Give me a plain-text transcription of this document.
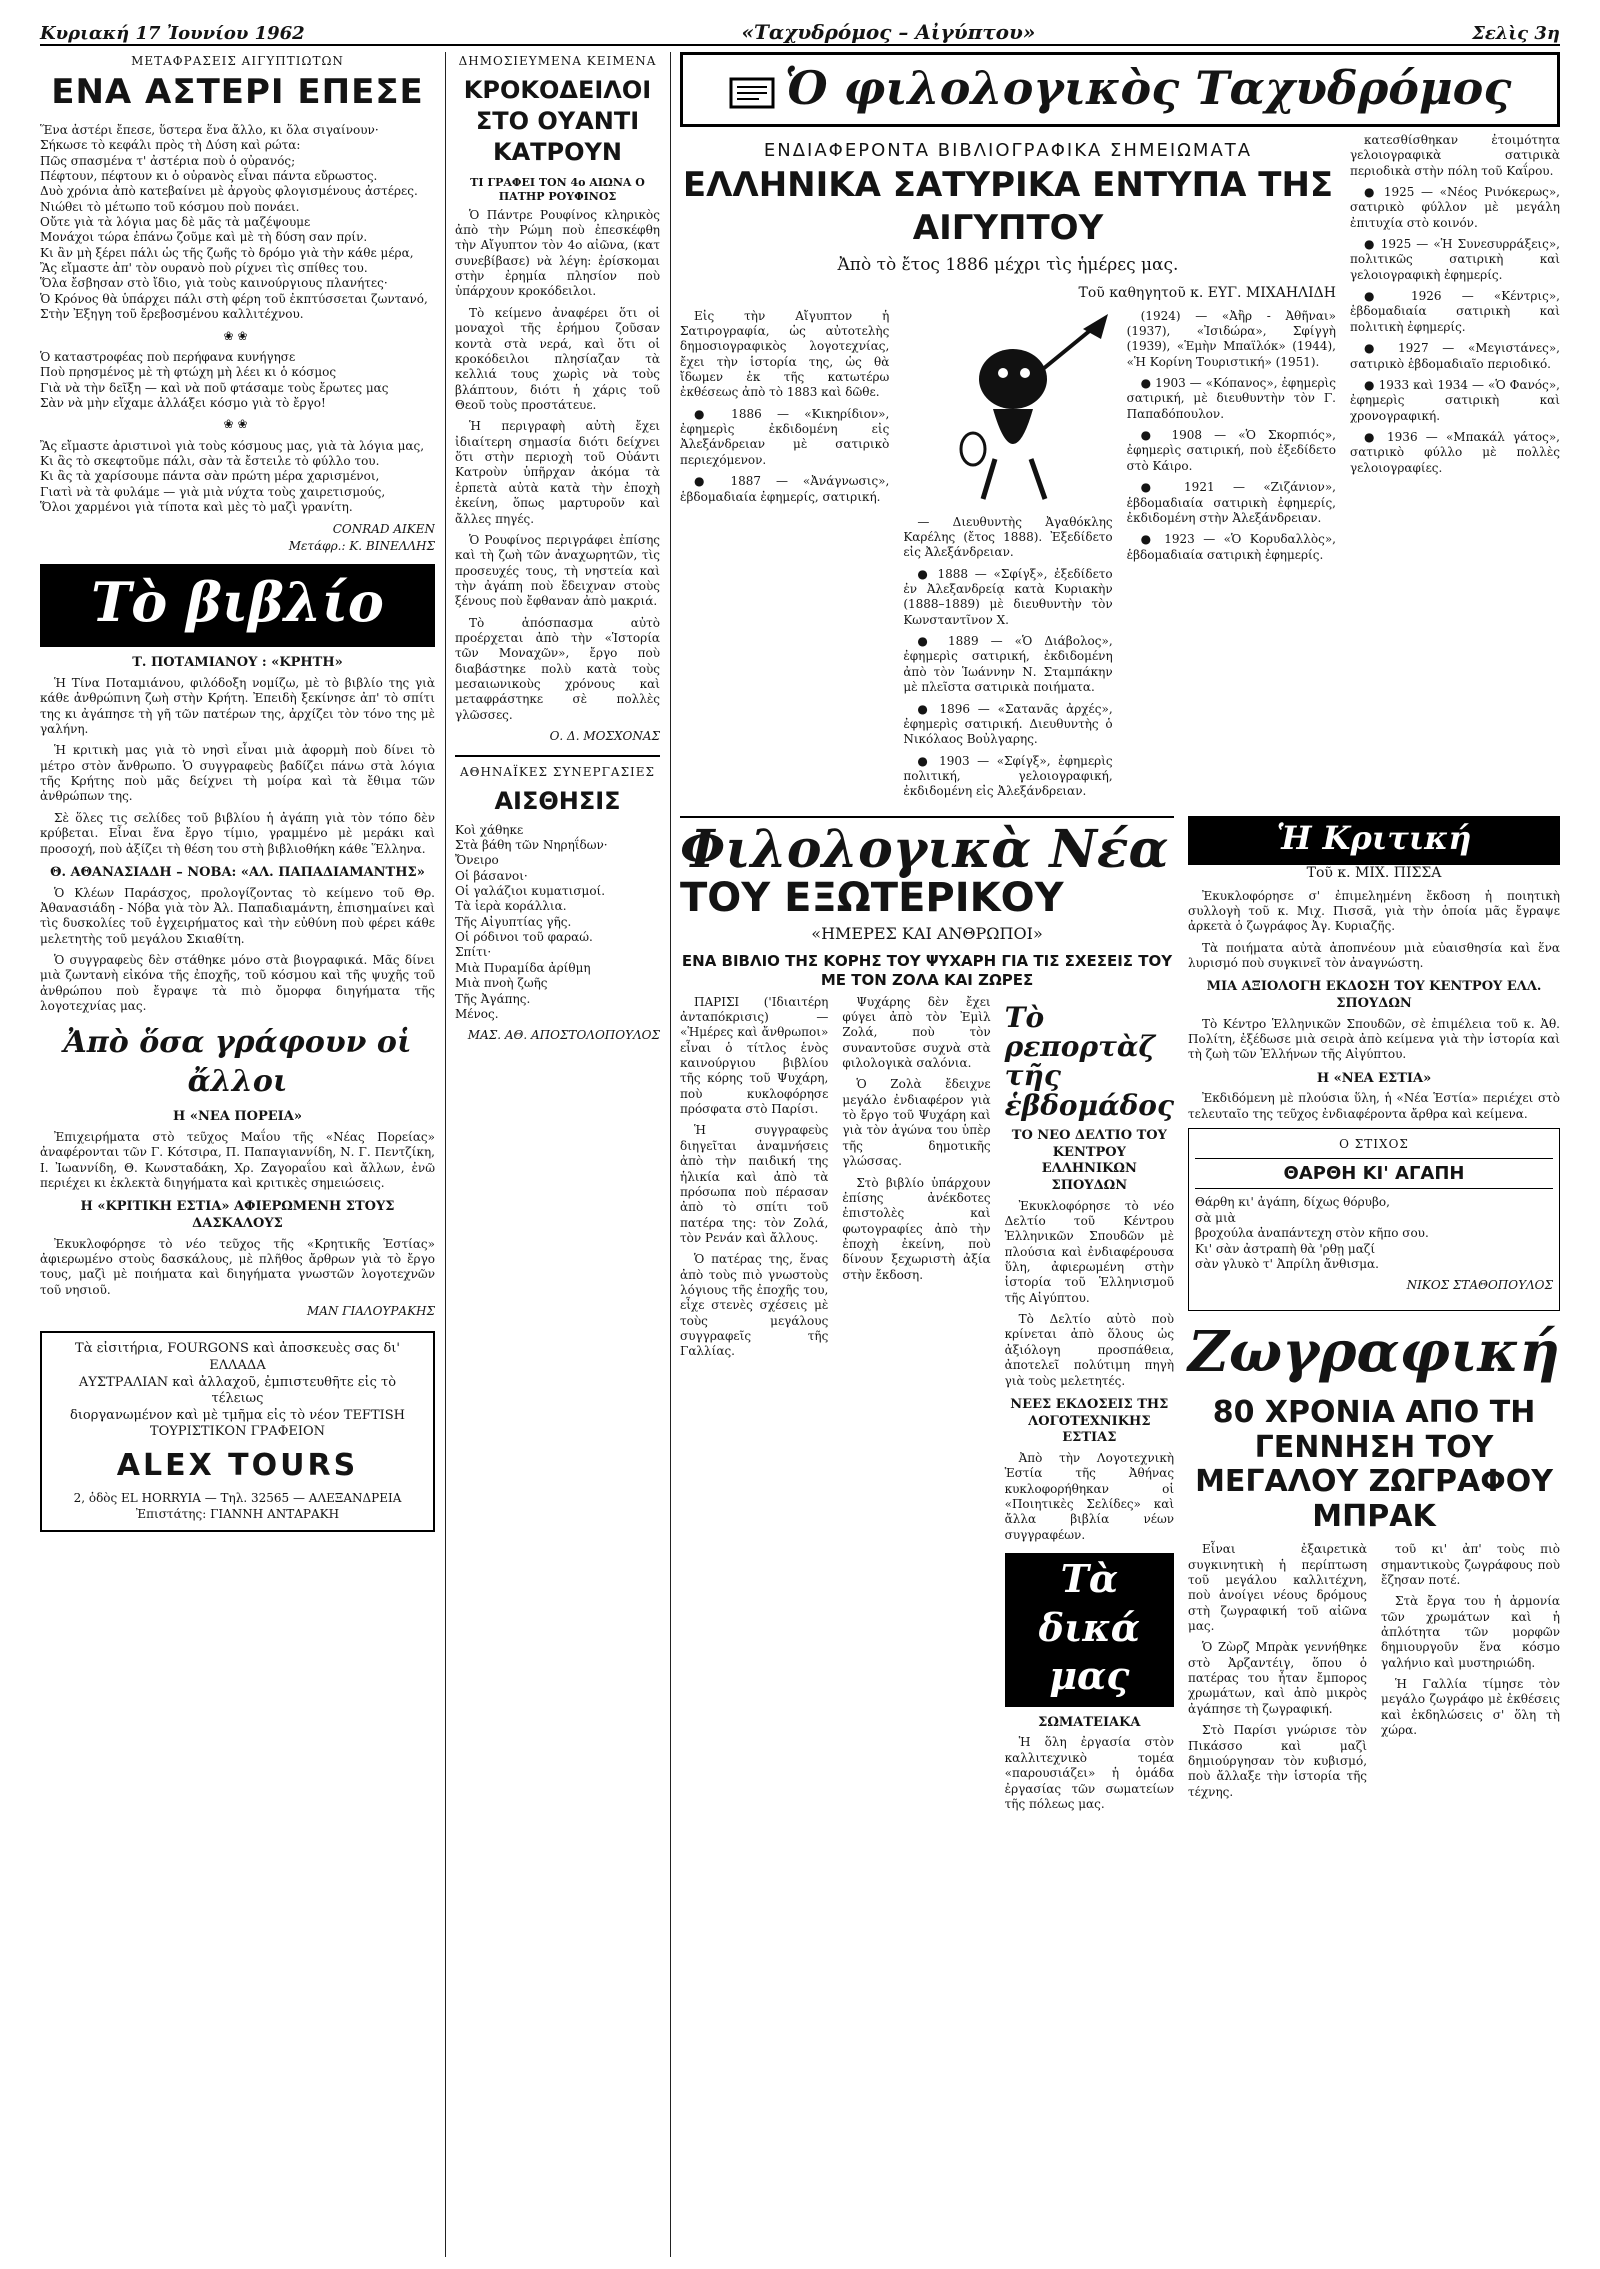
Κυριακή 17 Ἰουνίου 1962	«Ταχυδρόμος – Αἰγύπτου»	Σελὶς 3η
ΜΕΤΑΦΡΑΣΕΙΣ ΑΙΓΥΠΤΙΩΤΩΝ
ΕΝΑ ΑΣΤΕΡΙ ΕΠΕΣΕ
Ἕνα ἀστέρι ἔπεσε, ὕστερα ἕνα ἄλλο, κι ὅλα σιγαίνουν·
Σήκωσε τὸ κεφάλι πρὸς τὴ Δύση καὶ ρώτα:
Πῶς σπασμένα τ' ἀστέρια ποὺ ὁ οὐρανός;
Πέφτουν, πέφτουν κι ὁ οὐρανὸς εἶναι πάντα εὔρωστος.
Δυὸ χρόνια ἀπὸ κατεβαίνει μὲ ἀργοὺς φλογισμένους ἀστέρες.
Νιώθει τὸ μέτωπο τοῦ κόσμου ποὺ πονάει.
Οὔτε γιὰ τὰ λόγια μας δὲ μᾶς τὰ μαζέψουμε
Μονάχοι τώρα ἐπάνω ζοῦμε καὶ μὲ τὴ δύση σαν πρίν.
Κι ἂν μὴ ξέρει πάλι ὡς τῆς ζωῆς τὸ δρόμο γιὰ τὴν κάθε μέρα,
Ἂς εἴμαστε ἀπ' τὸν ουρανὸ ποὺ ρίχνει τὶς σπίθες του.
Ὅλα ἔσβησαν στὸ ἴδιο, γιὰ τοὺς καινούργιους πλανήτες·
Ὁ Κρόνος θὰ ὑπάρχει πάλι στὴ φέρη τοῦ ἐκπτύσσεται ζωντανό,
Στὴν Ἐξηγη τοῦ ἔρεβοσμένου καλλιτέχνου.
❀❀
Ὁ καταστροφέας ποὺ περήφανα κυνήγησε
Ποὺ πρησμένος μὲ τὴ φτώχη μὴ λέει κι ὁ κόσμος
Γιὰ νὰ τὴν δεῖξη — καὶ νὰ ποῦ φτάσαμε τοὺς ἔρωτες μας
Σὰν νὰ μὴν εἴχαμε ἀλλάξει κόσμο γιὰ τὸ ἔργο!
❀❀
Ἂς εἴμαστε ἀριστινοὶ γιὰ τοὺς κόσμους μας, γιὰ τὰ λόγια μας,
Κι ἂς τὸ σκεφτοῦμε πάλι, σὰν τὰ ἔστειλε τὸ φύλλο του.
Κι ἂς τὰ χαρίσουμε πάντα σὰν πρώτη μέρα χαρισμένοι,
Γιατὶ νὰ τὰ φυλάμε — γιὰ μιὰ νύχτα τοὺς χαιρετισμούς,
Ὅλοι χαρμένοι γιὰ τίποτα καὶ μὲς τὸ μαζὶ γρανίτη.
CONRAD AIKEN
Μετάφρ.: Κ. ΒΙΝΕΛΛΗΣ
Τὸ βιβλίο
Τ. ΠΟΤΑΜΙΑΝΟΥ : «ΚΡΗΤΗ»

Ἡ Τίνα Ποταμιάνου, φιλόδοξη νομίζω, μὲ τὸ βιβλίο της γιὰ κάθε ἀνθρώπινη ζωὴ στὴν Κρήτη. Ἐπειδὴ ξεκίνησε ἀπ' τὸ σπίτι της κι ἀγάπησε τὴ γῆ τῶν πατέρων της, ἀρχίζει τὸν τόνο της μὲ γαλήνη.

Ἡ κριτικὴ μας γιὰ τὸ νησὶ εἶναι μιὰ ἀφορμὴ ποὺ δίνει τὸ μέτρο στὸν ἄνθρωπο. Ὁ συγγραφεὺς βαδίζει πάνω στὰ λόγια τῆς Κρήτης ποὺ μᾶς δείχνει τὴ μοίρα καὶ τὰ ἔθιμα τῶν ἀνθρώπων της.

Σὲ ὅλες τις σελίδες τοῦ βιβλίου ἡ ἀγάπη γιὰ τὸν τόπο δὲν κρύβεται. Εἶναι ἕνα ἔργο τίμιο, γραμμένο μὲ μεράκι καὶ προσοχή, ποὺ ἀξίζει τὴ θέση του στὴ βιβλιοθήκη κάθε Ἕλληνα.

Θ. ΑΘΑΝΑΣΙΑΔΗ – ΝΟΒΑ: «ΑΛ. ΠΑΠΑΔΙΑΜΑΝΤΗΣ»

Ὁ Κλέων Παράσχος, προλογίζοντας τὸ κείμενο τοῦ Θρ. Ἀθανασιάδη - Νόβα γιὰ τὸν Ἀλ. Παπαδιαμάντη, ἐπισημαίνει καὶ τὶς δυσκολίες τοῦ ἐγχειρήματος καὶ τὴν εὐθύνη ποὺ φέρει κάθε μελετητὴς τοῦ μεγάλου Σκιαθίτη.

Ὁ συγγραφεὺς δὲν στάθηκε μόνο στὰ βιογραφικά. Μᾶς δίνει μιὰ ζωντανὴ εἰκόνα τῆς ἐποχῆς, τοῦ κόσμου καὶ τῆς ψυχῆς τοῦ ἀνθρώπου ποὺ ἔγραψε τὰ πιὸ ὄμορφα διηγήματα τῆς λογοτεχνίας μας.

Ἀπὸ ὅσα γράφουν οἱ ἄλλοι
Η «ΝΕΑ ΠΟΡΕΙΑ»

Ἐπιχειρήματα στὸ τεῦχος Μαΐου τῆς «Νέας Πορείας» ἀναφέρονται τῶν Γ. Κότσιρα, Π. Παπαγιαννίδη, Ν. Γ. Πεντζίκη, Ι. Ἰωαννίδη, Θ. Κωνσταδάκη, Χρ. Ζαγοραΐου καὶ ἄλλων, ἐνῶ περιέχει κι ἐκλεκτὰ διηγήματα καὶ κριτικὲς σημειώσεις.

Η «ΚΡΙΤΙΚΗ ΕΣΤΙΑ» ΑΦΙΕΡΩΜΕΝΗ ΣΤΟΥΣ ΔΑΣΚΑΛΟΥΣ

Ἐκυκλοφόρησε τὸ νέο τεῦχος τῆς «Κρητικῆς Ἑστίας» ἀφιερωμένο στοὺς δασκάλους, μὲ πλῆθος ἄρθρων γιὰ τὸ ἔργο τους, μαζὶ μὲ ποιήματα καὶ διηγήματα γνωστῶν λογοτεχνῶν τοῦ νησιοῦ.

ΜΑΝ ΓΙΑΛΟΥΡΑΚΗΣ
Τὰ εἰσιτήρια, FOURGONS καὶ ἀποσκευὲς σας δι' ΕΛΛΑΔΑ
ΑΥΣΤΡΑΛΙΑΝ καὶ ἀλλαχοῦ, ἐμπιστευθῆτε εἰς τὸ τέλειως
διοργανωμένον καὶ μὲ τμῆμα εἰς τὸ νέον TEFTISH
ΤΟΥΡΙΣΤΙΚΟΝ ΓΡΑΦΕΙΟΝ
ALEX TOURS
2, ὁδὸς EL HORRYIA — Τηλ. 32565 — ΑΛΕΞΑΝΔΡΕΙΑ
Ἐπιστάτης: ΓΙΑΝΝΗ ΑΝΤΑΡΑΚΗ
ΔΗΜΟΣΙΕΥΜΕΝΑ ΚΕΙΜΕΝΑ
ΚΡΟΚΟΔΕΙΛΟΙ ΣΤΟ ΟΥΑΝΤΙ ΚΑΤΡΟΥΝ
ΤΙ ΓΡΑΦΕΙ ΤΟΝ 4ο ΑΙΩΝΑ Ο ΠΑΤΗΡ ΡΟΥΦΙΝΟΣ

Ὁ Πάντρε Ρουφίνος κληρικὸς ἀπὸ τὴν Ρώμη ποὺ ἐπεσκέφθη τὴν Αἴγυπτον τὸν 4ο αἰῶνα, (κατ συνεβίβασε) νὰ λέγη: ἐρίσκομαι στὴν ἐρημία πλησίον ποὺ ὑπάρχουν κροκόδειλοι.

Τὸ κείμενο ἀναφέρει ὅτι οἱ μοναχοὶ τῆς ἐρήμου ζοῦσαν κοντὰ στὰ νερά, καὶ ὅτι οἱ κροκόδειλοι πλησίαζαν τὰ κελλιά τους χωρὶς νὰ τοὺς βλάπτουν, διότι ἡ χάρις τοῦ Θεοῦ τοὺς προστάτευε.

Ἡ περιγραφὴ αὐτὴ ἔχει ἰδιαίτερη σημασία διότι δείχνει ὅτι στὴν περιοχὴ τοῦ Οὐάντι Κατροὺν ὑπῆρχαν ἀκόμα τὰ ἑρπετὰ αὐτὰ κατὰ τὴν ἐποχὴ ἐκείνη, ὅπως μαρτυροῦν καὶ ἄλλες πηγές.

Ὁ Ρουφίνος περιγράφει ἐπίσης καὶ τὴ ζωὴ τῶν ἀναχωρητῶν, τὶς προσευχές τους, τὴ νηστεία καὶ τὴν ἀγάπη ποὺ ἔδειχναν στοὺς ξένους ποὺ ἔφθαναν ἀπὸ μακριά.

Τὸ ἀπόσπασμα αὐτὸ προέρχεται ἀπὸ τὴν «Ἱστορία τῶν Μοναχῶν», ἔργο ποὺ διαβάστηκε πολὺ κατὰ τοὺς μεσαιωνικοὺς χρόνους καὶ μεταφράστηκε σὲ πολλὲς γλῶσσες.

Ο. Δ. ΜΟΣΧΟΝΑΣ
ΑΘΗΝΑΪΚΕΣ ΣΥΝΕΡΓΑΣΙΕΣ
ΑΙΣΘΗΣΙΣ
Κοὶ χάθηκε
Στὰ βάθη τῶν Νηρηΐδων·
Ὄνειρο
Οἱ βάσανοι·
Οἱ γαλάζιοι κυματισμοί.
Τὰ ἱερὰ κοράλλια.
Τῆς Αἰγυπτίας γῆς.
Οἱ ρόδινοι τοῦ φαραώ.
Σπίτι·
Μιὰ Πυραμίδα ἀρίθμη
Μιὰ πνοὴ ζωῆς
Τῆς Ἀγάπης.
Μένος.
ΜΑΣ. ΑΘ. ΑΠΟΣΤΟΛΟΠΟΥΛΟΣ
Ὁ φιλολογικὸς Ταχυδρόμος
ΕΝΔΙΑΦΕΡΟΝΤΑ ΒΙΒΛΙΟΓΡΑΦΙΚΑ ΣΗΜΕΙΩΜΑΤΑ
ΕΛΛΗΝΙΚΑ ΣΑΤΥΡΙΚΑ ΕΝΤΥΠΑ ΤΗΣ ΑΙΓΥΠΤΟΥ
Ἀπὸ τὸ ἔτος 1886 μέχρι τὶς ἡμέρες μας.
Τοῦ καθηγητοῦ κ. ΕΥΓ. ΜΙΧΑΗΛΙΔΗ

Εἰς τὴν Αἴγυπτον ἡ Σατιρογραφία, ὡς αὐτοτελὴς δημοσιογραφικὸς λογοτεχνίας, ἔχει τὴν ἱστορία της, ὡς θὰ ἴδωμεν ἐκ τῆς κατωτέρω ἐκθέσεως ἀπὸ τὸ 1883 καὶ δῶθε.

● 1886 — «Κικηρίδιον», ἐφημερὶς ἐκδιδομένη εἰς Ἀλεξάνδρειαν μὲ σατιρικὸ περιεχόμενον.

● 1887 — «Ἀνάγνωσις», ἑβδομαδιαία ἐφημερίς, σατιρική.

— Διευθυντὴς Ἀγαθόκλης Καρέλης (ἔτος 1888). Ἐξεδίδετο εἰς Ἀλεξάνδρειαν.

● 1888 — «Σφίγξ», ἐξεδίδετο ἐν Ἀλεξανδρείᾳ κατὰ Κυριακὴν (1888–1889) μὲ διευθυντὴν τὸν Κωνσταντῖνον Χ.

● 1889 — «Ὁ Διάβολος», ἐφημερὶς σατιρική, ἐκδιδομένη ἀπὸ τὸν Ἱωάννην Ν. Σταμπάκην μὲ πλεῖστα σατιρικὰ ποιήματα.

● 1896 — «Σατανᾶς ἀρχές», ἐφημερὶς σατιρική. Διευθυντὴς ὁ Νικόλαος Βοὐλγαρης.

● 1903 — «Σφίγξ», ἐφημερὶς πολιτική, γελοιογραφική, ἐκδιδομένη εἰς Ἀλεξάνδρειαν.

(1924) — «Ἀἢρ - Ἀθῆναι» (1937), «Ἰσιδώρα», Σφίγγὴ (1939), «Ἑμὴν Μπαϊλόκ» (1944), «Ἡ Κορίνη Τουριστική» (1951).

● 1903 — «Κόπανος», ἐφημερὶς σατιρική, μὲ διευθυντὴν τὸν Γ. Παπαδόπουλον.

● 1908 — «Ὁ Σκορπιός», ἐφημερὶς σατιρική, ποὺ ἐξεδίδετο στὸ Κάιρο.

● 1921 — «Ζιζάνιον», ἑβδομαδιαία σατιρικὴ ἐφημερίς, ἐκδιδομένη στὴν Ἀλεξάνδρειαν.

● 1923 — «Ὁ Κορυδαλλὸς», ἑβδομαδιαία σατιρικὴ ἐφημερίς.

κατεσθίσθηκαν ἐτοιμότητα γελοιογραφικὰ σατιρικὰ περιοδικὰ στὴν πόλη τοῦ Καΐρου.

● 1925 — «Νέος Ρινόκερως», σατιρικὸ φύλλον μὲ μεγάλη ἐπιτυχία στὸ κοινόν.

● 1925 — «Ἡ Συνεσυρράξεις», πολιτικῶς σατιρικὴ καὶ γελοιογραφικὴ ἐφημερίς.

● 1926 — «Κέντρις», ἑβδομαδιαία σατιρικὴ καὶ πολιτικὴ ἐφημερίς.

● 1927 — «Μεγιστάνες», σατιρικὸ ἑβδομαδιαῖο περιοδικό.

● 1933 καὶ 1934 — «Ὁ Φανός», ἐφημερὶς σατιρικὴ καὶ χρονογραφική.

● 1936 — «Μπακάλ γάτος», σατιρικὸ φύλλο μὲ πολλὲς γελοιογραφίες.

Φιλολογικὰ Νέα
ΤΟΥ ΕΞΩΤΕΡΙΚΟΥ
«ΗΜΕΡΕΣ ΚΑΙ ΑΝΘΡΩΠΟΙ»
ΕΝΑ ΒΙΒΛΙΟ ΤΗΣ ΚΟΡΗΣ ΤΟΥ ΨΥΧΑΡΗ ΓΙΑ ΤΙΣ ΣΧΕΣΕΙΣ ΤΟΥ ΜΕ ΤΟΝ ΖΟΛΑ ΚΑΙ ΖΩΡΕΣ

ΠΑΡΙΣΙ ('Ιδιαιτέρη ἀνταπόκρισις) — «Ἡμέρες καὶ ἄνθρωποι» εἶναι ὁ τίτλος ἑνὸς καινούργιου βιβλίου τῆς κόρης τοῦ Ψυχάρη, ποὺ κυκλοφόρησε πρόσφατα στὸ Παρίσι.

Ἡ συγγραφεὺς διηγεῖται ἀναμνήσεις ἀπὸ τὴν παιδική της ἡλικία καὶ ἀπὸ τὰ πρόσωπα ποὺ πέρασαν ἀπὸ τὸ σπίτι τοῦ πατέρα της: τὸν Ζολά, τὸν Ρενάν καὶ ἄλλους.

Ὁ πατέρας της, ἕνας ἀπὸ τοὺς πιὸ γνωστοὺς λόγιους τῆς ἐποχῆς του, εἶχε στενὲς σχέσεις μὲ τοὺς μεγάλους συγγραφεῖς τῆς Γαλλίας.

Ψυχάρης δὲν ἔχει φύγει ἀπὸ τὸν Ἐμὶλ Ζολά, ποὺ τὸν συναντοῦσε συχνὰ στὰ φιλολογικὰ σαλόνια.

Ὁ Ζολὰ ἔδειχνε μεγάλο ἐνδιαφέρον γιὰ τὸ ἔργο τοῦ Ψυχάρη καὶ γιὰ τὸν ἀγώνα του ὑπὲρ τῆς δημοτικῆς γλώσσας.

Στὸ βιβλίο ὑπάρχουν ἐπίσης ἀνέκδοτες ἐπιστολὲς καὶ φωτογραφίες ἀπὸ τὴν ἐποχὴ ἐκείνη, ποὺ δίνουν ξεχωριστὴ ἀξία στὴν ἔκδοση.

Τὸ ρεπορτὰζ τῆς ἑβδομάδος
ΤΟ ΝΕΟ ΔΕΛΤΙΟ ΤΟΥ ΚΕΝΤΡΟΥ ΕΛΛΗΝΙΚΩΝ ΣΠΟΥΔΩΝ

Ἐκυκλοφόρησε τὸ νέο Δελτίο τοῦ Κέντρου Ἑλληνικῶν Σπουδῶν μὲ πλούσια καὶ ἐνδιαφέρουσα ὕλη, ἀφιερωμένη στὴν ἱστορία τοῦ Ἑλληνισμοῦ τῆς Αἰγύπτου.

Τὸ Δελτίο αὐτὸ ποὺ κρίνεται ἀπὸ ὅλους ὡς ἀξιόλογη προσπάθεια, ἀποτελεῖ πολύτιμη πηγὴ γιὰ τοὺς μελετητές.

ΝΕΕΣ ΕΚΔΟΣΕΙΣ ΤΗΣ ΛΟΓΟΤΕΧΝΙΚΗΣ ΕΣΤΙΑΣ

Ἀπὸ τὴν Λογοτεχνικὴ Ἑστία τῆς Ἀθήνας κυκλοφορήθηκαν οἱ «Ποιητικὲς Σελίδες» καὶ ἄλλα βιβλία νέων συγγραφέων.

Τὰ δικά μας
ΣΩΜΑΤΕΙΑΚΑ

Ἡ ὅλη ἐργασία στὸν καλλιτεχνικὸ τομέα «παρουσιάζει» ἡ ὁμάδα ἐργασίας τῶν σωματείων τῆς πόλεως μας.

Ἡ Κριτική
Τοῦ κ. ΜΙΧ. ΠΙΣΣΑ

Ἐκυκλοφόρησε σ' ἐπιμελημένη ἔκδοση ἡ ποιητικὴ συλλογὴ τοῦ κ. Μιχ. Πισσᾶ, γιὰ τὴν ὁποία μᾶς ἔγραψε ἀρκετὰ ὁ ζωγράφος Ἀγ. Κυριαζῆς.

Τὰ ποιήματα αὐτὰ ἀποπνέουν μιὰ εὐαισθησία καὶ ἕνα λυρισμό ποὺ συγκινεῖ τὸν ἀναγνώστη.

ΜΙΑ ΑΞΙΟΛΟΓΗ ΕΚΔΟΣΗ ΤΟΥ ΚΕΝΤΡΟΥ ΕΛΛ. ΣΠΟΥΔΩΝ

Τὸ Κέντρο Ἑλληνικῶν Σπουδῶν, σὲ ἐπιμέλεια τοῦ κ. Ἀθ. Πολίτη, ἐξέδωσε μιὰ σειρὰ ἀπὸ κείμενα γιὰ τὴν ἱστορία καὶ τὴ ζωὴ τῶν Ἑλλήνων τῆς Αἰγύπτου.

Η «ΝΕΑ ΕΣΤΙΑ»

Ἐκδιδόμενη μὲ πλούσια ὕλη, ἡ «Νέα Ἑστία» περιέχει στὸ τελευταῖο της τεῦχος ἐνδιαφέροντα ἄρθρα καὶ κείμενα.

Ο ΣΤΙΧΟΣ
ΘΑΡΘΗ ΚΙ' ΑΓΑΠΗ
Θάρθη κι' ἀγάπη, δίχως θόρυβο,
σὰ μιὰ
βροχούλα ἀναπάντεχη στὸν κῆπο σου.
Κι' σὰν ἀστραπὴ θὰ 'ρθῃ μαζί
σὰν γλυκὸ τ' Ἀπρίλη ἄνθισμα.
ΝΙΚΟΣ ΣΤΑΘΟΠΟΥΛΟΣ
Ζωγραφική
80 ΧΡΟΝΙΑ ΑΠΟ ΤΗ ΓΕΝΝΗΣΗ ΤΟΥ ΜΕΓΑΛΟΥ ΖΩΓΡΑΦΟΥ ΜΠΡΑΚ

Εἶναι ἐξαιρετικὰ συγκινητικὴ ἡ περίπτωση τοῦ μεγάλου καλλιτέχνη, ποὺ ἀνοίγει νέους δρόμους στὴ ζωγραφική τοῦ αἰῶνα μας.

Ὁ Ζὼρζ Μπρὰκ γεννήθηκε στὸ Ἀρζαντέιγ, ὅπου ὁ πατέρας του ἦταν ἔμπορος χρωμάτων, καὶ ἀπὸ μικρὸς ἀγάπησε τὴ ζωγραφική.

Στὸ Παρίσι γνώρισε τὸν Πικάσσο καὶ μαζὶ δημιούργησαν τὸν κυβισμό, ποὺ ἄλλαξε τὴν ἱστορία τῆς τέχνης.

τοῦ κι' ἀπ' τοὺς πιὸ σημαντικοὺς ζωγράφους ποὺ ἔζησαν ποτέ.

Στὰ ἔργα του ἡ ἀρμονία τῶν χρωμάτων καὶ ἡ ἀπλότητα τῶν μορφῶν δημιουργοῦν ἕνα κόσμο γαλήνιο καὶ μυστηριώδη.

Ἡ Γαλλία τίμησε τὸν μεγάλο ζωγράφο μὲ ἐκθέσεις καὶ ἐκδηλώσεις σ' ὅλη τὴ χώρα.
